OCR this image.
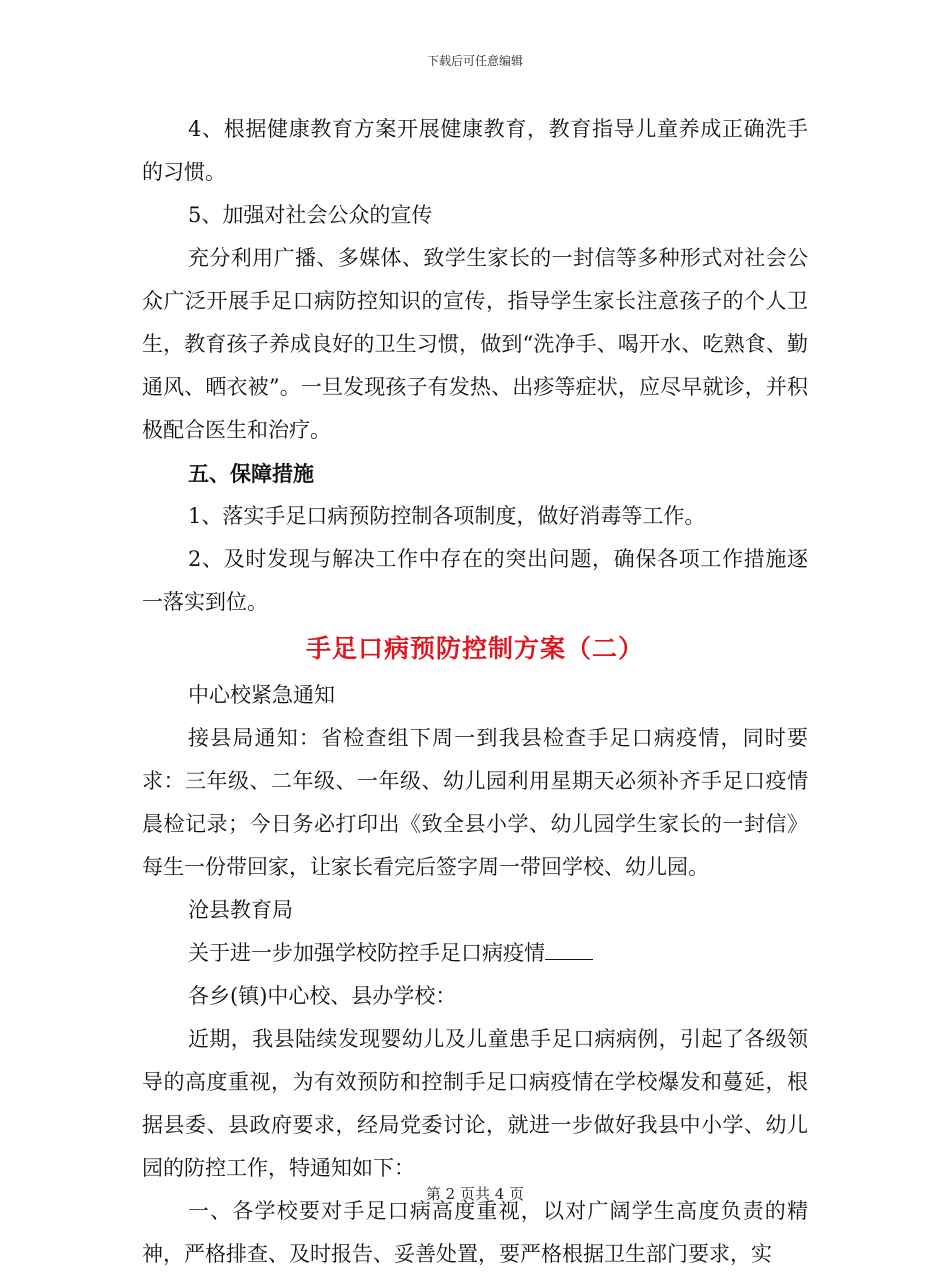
下载后可任意编辑

4、根据健康教育方案开展健康教育，教育指导儿童养成正确洗手的习惯。

5、加强对社会公众的宣传

充分利用广播、多媒体、致学生家长的一封信等多种形式对社会公众广泛开展手足口病防控知识的宣传，指导学生家长注意孩子的个人卫生，教育孩子养成良好的卫生习惯，做到“洗净手、喝开水、吃熟食、勤通风、晒衣被”。一旦发现孩子有发热、出疹等症状，应尽早就诊，并积极配合医生和治疗。

五、保障措施

1、落实手足口病预防控制各项制度，做好消毒等工作。

2、及时发现与解决工作中存在的突出问题，确保各项工作措施逐一落实到位。

手足口病预防控制方案（二）

中心校紧急通知

接县局通知：省检查组下周一到我县检查手足口病疫情，同时要求：三年级、二年级、一年级、幼儿园利用星期天必须补齐手足口疫情晨检记录；今日务必打印出《致全县小学、幼儿园学生家长的一封信》每生一份带回家，让家长看完后签字周一带回学校、幼儿园。

沧县教育局

关于进一步加强学校防控手足口病疫情

各乡(镇)中心校、县办学校：

近期，我县陆续发现婴幼儿及儿童患手足口病病例，引起了各级领导的高度重视，为有效预防和控制手足口病疫情在学校爆发和蔓延，根据县委、县政府要求，经局党委讨论，就进一步做好我县中小学、幼儿园的防控工作，特通知如下：

一、各学校要对手足口病高度重视，以对广阔学生高度负责的精神，严格排查、及时报告、妥善处置，要严格根据卫生部门要求，实

第 2 页共 4 页
